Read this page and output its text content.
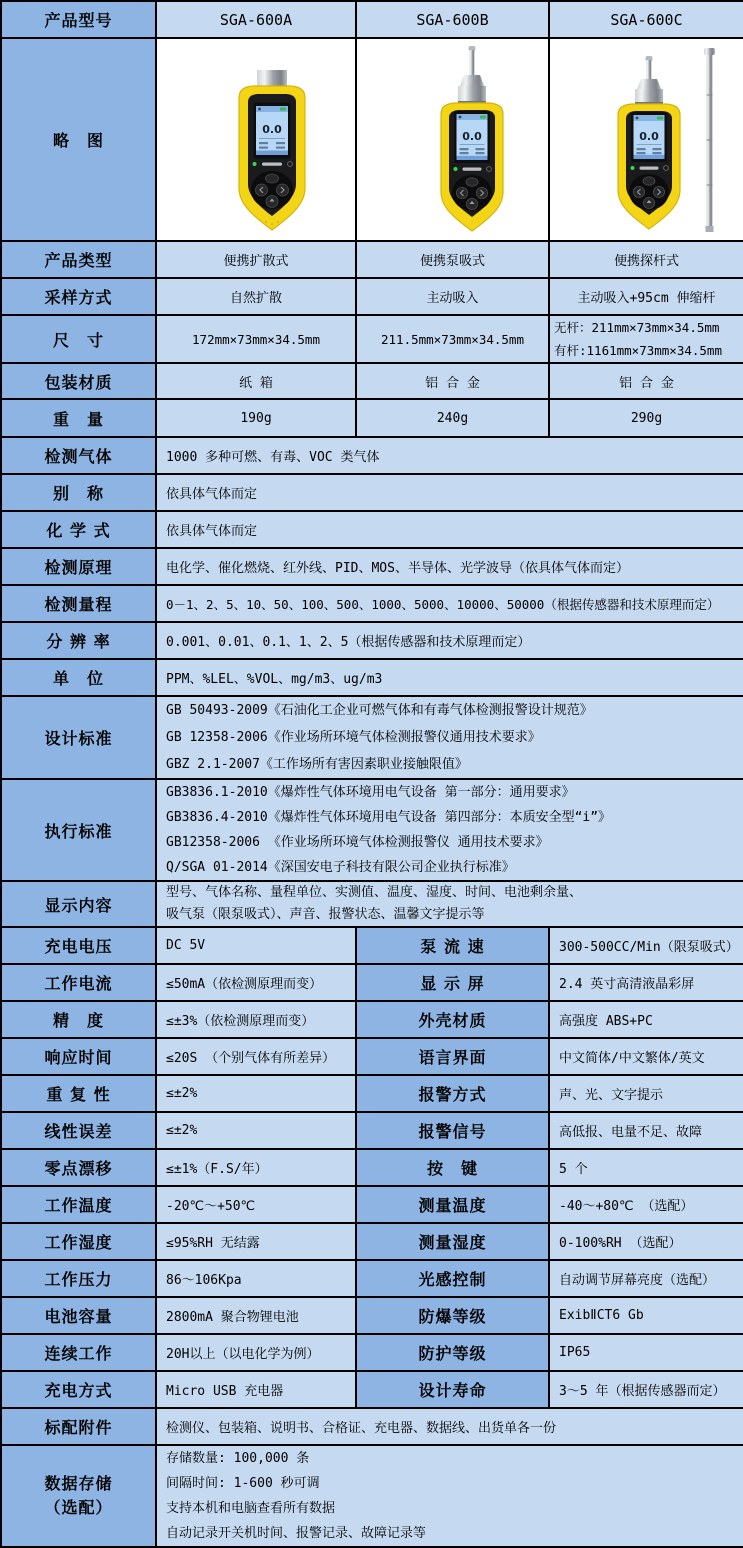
产品型号	SGA-600A	SGA-600B	SGA-600C
略　图	0.0	0.0	0.0

产品类型	便携扩散式	便携泵吸式	便携探杆式
采样方式	自然扩散	主动吸入	主动吸入+95cm 伸缩杆
尺　寸	172mm×73mm×34.5mm	211.5mm×73mm×34.5mm	无杆：211mm×73mm×34.5mm
有杆:1161mm×73mm×34.5mm

包装材质	纸 箱	铝 合 金	铝 合 金
重　量	190g	240g	290g
检测气体	1000 多种可燃、有毒、VOC 类气体		
别　称	依具体气体而定		
化 学 式	依具体气体而定		
检测原理	电化学、催化燃烧、红外线、PID、MOS、半导体、光学波导（依具体气体而定）		
检测量程	0－1、2、5、10、50、100、500、1000、5000、10000、50000（根据传感器和技术原理而定）		
分 辨 率	0.001、0.01、0.1、1、2、5（根据传感器和技术原理而定）		
单　位	PPM、%LEL、%VOL、mg/m3、ug/m3		
设计标准	GB 50493-2009《石油化工企业可燃气体和有毒气体检测报警设计规范》
GB 12358-2006《作业场所环境气体检测报警仪通用技术要求》
GBZ 2.1-2007《工作场所有害因素职业接触限值》		

执行标准	GB3836.1-2010《爆炸性气体环境用电气设备 第一部分：通用要求》
GB3836.4-2010《爆炸性气体环境用电气设备 第四部分：本质安全型“i”》
GB12358-2006 《作业场所环境气体检测报警仪 通用技术要求》
Q/SGA 01-2014《深国安电子科技有限公司企业执行标准》		

显示内容	型号、气体名称、量程单位、实测值、温度、湿度、时间、电池剩余量、
吸气泵（限泵吸式）、声音、报警状态、温馨文字提示等		

充电电压	DC 5V	泵 流 速	300-500CC/Min（限泵吸式）
工作电流	≤50mA（依检测原理而变）	显 示 屏	2.4 英寸高清液晶彩屏
精　度	≤±3%（依检测原理而变）	外壳材质	高强度 ABS+PC
响应时间	≤20S （个别气体有所差异）	语言界面	中文简体/中文繁体/英文
重 复 性	≤±2%	报警方式	声、光、文字提示
线性误差	≤±2%	报警信号	高低报、电量不足、故障
零点漂移	≤±1%（F.S/年）	按　键	5 个
工作温度	-20℃～+50℃	测量温度	-40～+80℃ （选配）
工作湿度	≤95%RH 无结露	测量湿度	0-100%RH （选配）
工作压力	86～106Kpa	光感控制	自动调节屏幕亮度（选配）
电池容量	2800mA 聚合物锂电池	防爆等级	ExibⅡCT6 Gb
连续工作	20H以上（以电化学为例）	防护等级	IP65
充电方式	Micro USB 充电器	设计寿命	3～5 年（根据传感器而定）
标配附件	检测仪、包装箱、说明书、合格证、充电器、数据线、出货单各一份		

数据存储
（选配）

存储数量: 100,000 条
间隔时间: 1-600 秒可调
支持本机和电脑查看所有数据
自动记录开关机时间、报警记录、故障记录等
